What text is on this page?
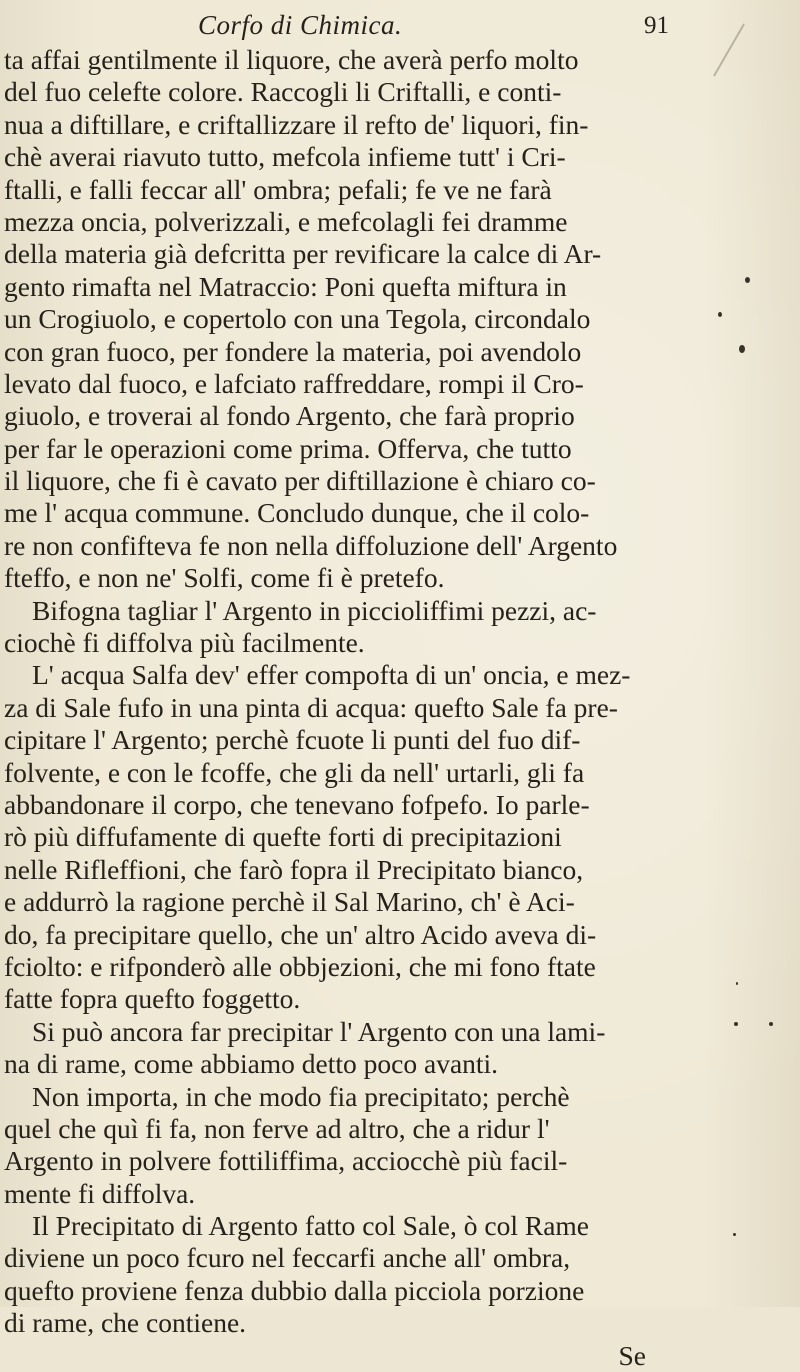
Corfo di Chimica.	91
ta affai gentilmente il liquore, che averà perfo molto
del fuo celefte colore. Raccogli li Criftalli, e conti-
nua a diftillare, e criftallizzare il refto de' liquori, fin-
chè averai riavuto tutto, mefcola infieme tutt' i Cri-
ftalli, e falli feccar all' ombra; pefali; fe ve ne farà
mezza oncia, polverizzali, e mefcolagli fei dramme
della materia già defcritta per revificare la calce di Ar-
gento rimafta nel Matraccio: Poni quefta miftura in
un Crogiuolo, e copertolo con una Tegola, circondalo
con gran fuoco, per fondere la materia, poi avendolo
levato dal fuoco, e lafciato raffreddare, rompi il Cro-
giuolo, e troverai al fondo Argento, che farà proprio
per far le operazioni come prima. Offerva, che tutto
il liquore, che fi è cavato per diftillazione è chiaro co-
me l' acqua commune. Concludo dunque, che il colo-
re non confifteva fe non nella diffoluzione dell' Argento
fteffo, e non ne' Solfi, come fi è pretefo.
Bifogna tagliar l' Argento in piccioliffimi pezzi, ac-
ciochè fi diffolva più facilmente.
L' acqua Salfa dev' effer compofta di un' oncia, e mez-
za di Sale fufo in una pinta di acqua: quefto Sale fa pre-
cipitare l' Argento; perchè fcuote li punti del fuo dif-
folvente, e con le fcoffe, che gli da nell' urtarli, gli fa
abbandonare il corpo, che tenevano fofpefo. Io parle-
rò più diffufamente di quefte forti di precipitazioni
nelle Rifleffioni, che farò fopra il Precipitato bianco,
e addurrò la ragione perchè il Sal Marino, ch' è Aci-
do, fa precipitare quello, che un' altro Acido aveva di-
fciolto: e rifponderò alle obbjezioni, che mi fono ftate
fatte fopra quefto foggetto.
Si può ancora far precipitar l' Argento con una lami-
na di rame, come abbiamo detto poco avanti.
Non importa, in che modo fia precipitato; perchè
quel che quì fi fa, non ferve ad altro, che a ridur l'
Argento in polvere fottiliffima, acciocchè più facil-
mente fi diffolva.
Il Precipitato di Argento fatto col Sale, ò col Rame
diviene un poco fcuro nel feccarfi anche all' ombra,
quefto proviene fenza dubbio dalla picciola porzione
di rame, che contiene.
Se
